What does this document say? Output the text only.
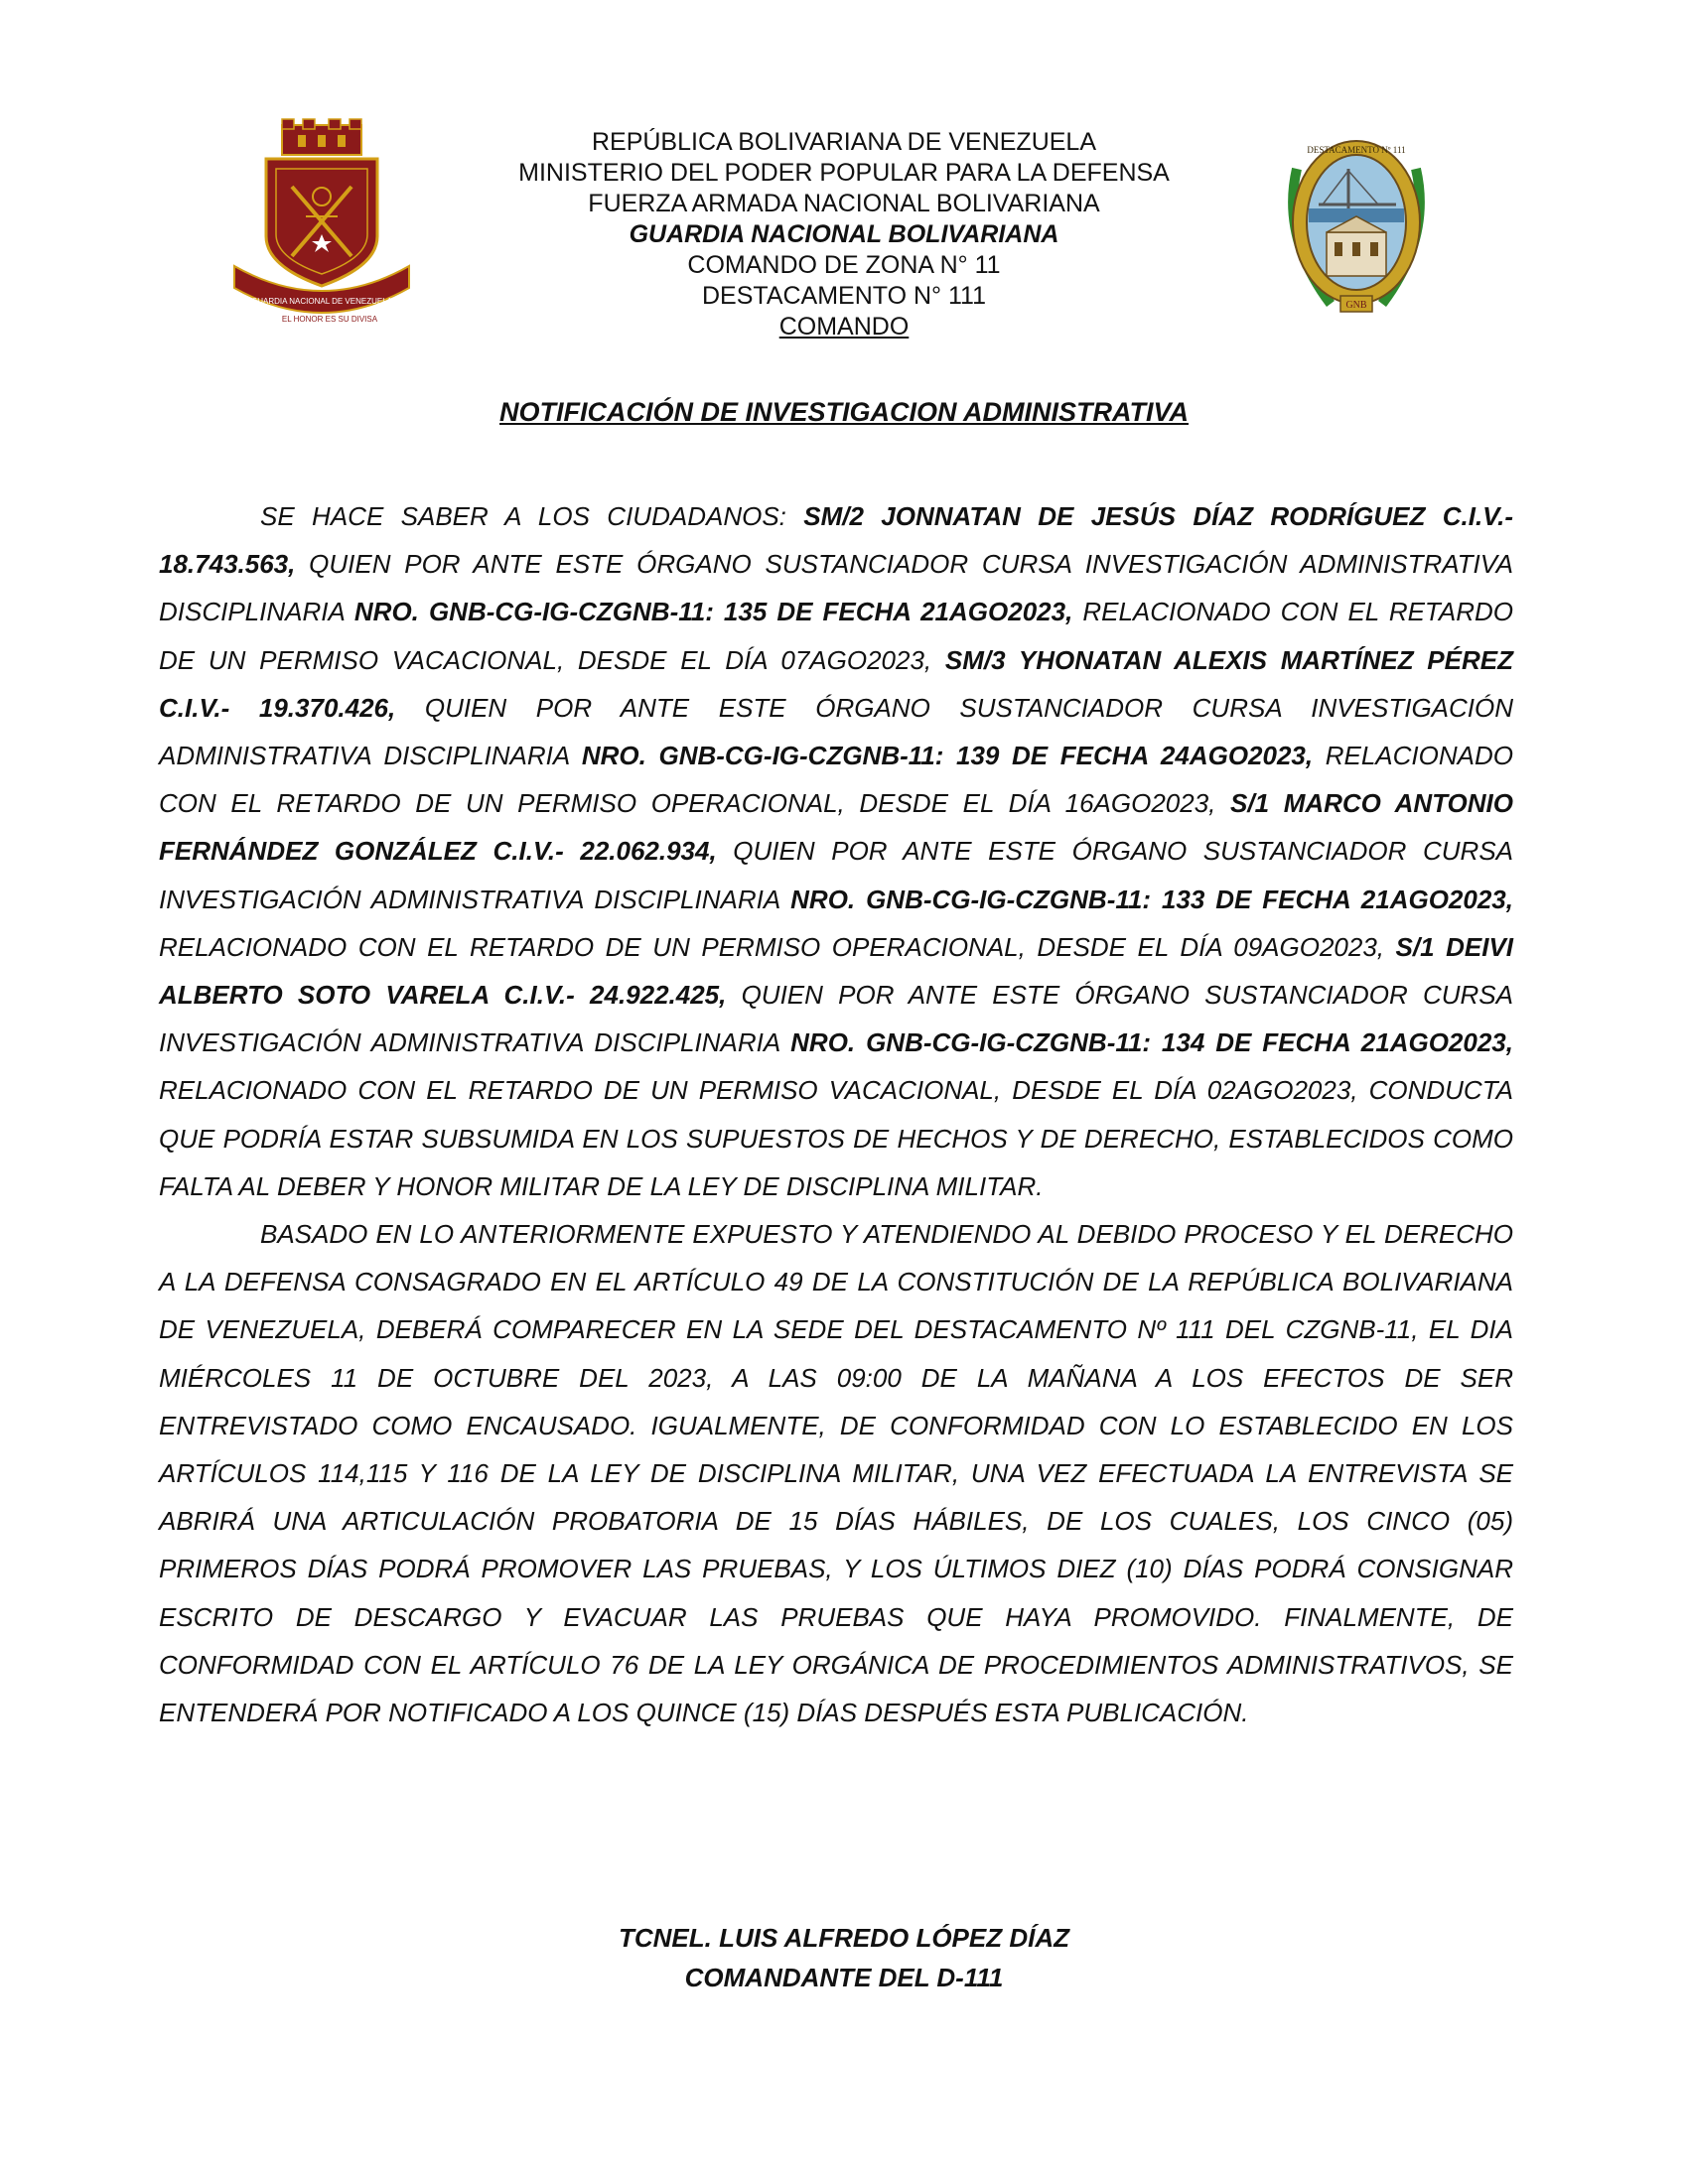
GUARDIA NACIONAL DE VENEZUELA
EL HONOR ES SU DIVISA
REPÚBLICA BOLIVARIANA DE VENEZUELA
MINISTERIO DEL PODER POPULAR PARA LA DEFENSA
FUERZA ARMADA NACIONAL BOLIVARIANA
GUARDIA NACIONAL BOLIVARIANA
COMANDO DE ZONA N° 11
DESTACAMENTO N° 111
COMANDO
GNB
DESTACAMENTO Nº 111
NOTIFICACIÓN DE INVESTIGACION ADMINISTRATIVA

SE HACE SABER A LOS CIUDADANOS: SM/2 JONNATAN DE JESÚS DÍAZ RODRÍGUEZ C.I.V.- 18.743.563, QUIEN POR ANTE ESTE ÓRGANO SUSTANCIADOR CURSA INVESTIGACIÓN ADMINISTRATIVA DISCIPLINARIA NRO. GNB-CG-IG-CZGNB-11: 135 DE FECHA 21AGO2023, RELACIONADO CON EL RETARDO DE UN PERMISO VACACIONAL, DESDE EL DÍA 07AGO2023, SM/3 YHONATAN ALEXIS MARTÍNEZ PÉREZ C.I.V.- 19.370.426, QUIEN POR ANTE ESTE ÓRGANO SUSTANCIADOR CURSA INVESTIGACIÓN ADMINISTRATIVA DISCIPLINARIA NRO. GNB-CG-IG-CZGNB-11: 139 DE FECHA 24AGO2023, RELACIONADO CON EL RETARDO DE UN PERMISO OPERACIONAL, DESDE EL DÍA 16AGO2023, S/1 MARCO ANTONIO FERNÁNDEZ GONZÁLEZ C.I.V.- 22.062.934, QUIEN POR ANTE ESTE ÓRGANO SUSTANCIADOR CURSA INVESTIGACIÓN ADMINISTRATIVA DISCIPLINARIA NRO. GNB-CG-IG-CZGNB-11: 133 DE FECHA 21AGO2023, RELACIONADO CON EL RETARDO DE UN PERMISO OPERACIONAL, DESDE EL DÍA 09AGO2023, S/1 DEIVI ALBERTO SOTO VARELA C.I.V.- 24.922.425, QUIEN POR ANTE ESTE ÓRGANO SUSTANCIADOR CURSA INVESTIGACIÓN ADMINISTRATIVA DISCIPLINARIA NRO. GNB-CG-IG-CZGNB-11: 134 DE FECHA 21AGO2023, RELACIONADO CON EL RETARDO DE UN PERMISO VACACIONAL, DESDE EL DÍA 02AGO2023, CONDUCTA QUE PODRÍA ESTAR SUBSUMIDA EN LOS SUPUESTOS DE HECHOS Y DE DERECHO, ESTABLECIDOS COMO FALTA AL DEBER Y HONOR MILITAR DE LA LEY DE DISCIPLINA MILITAR.

BASADO EN LO ANTERIORMENTE EXPUESTO Y ATENDIENDO AL DEBIDO PROCESO Y EL DERECHO A LA DEFENSA CONSAGRADO EN EL ARTÍCULO 49 DE LA CONSTITUCIÓN DE LA REPÚBLICA BOLIVARIANA DE VENEZUELA, DEBERÁ COMPARECER EN LA SEDE DEL DESTACAMENTO Nº 111 DEL CZGNB-11, EL DIA MIÉRCOLES 11 DE OCTUBRE DEL 2023, A LAS 09:00 DE LA MAÑANA A LOS EFECTOS DE SER ENTREVISTADO COMO ENCAUSADO. IGUALMENTE, DE CONFORMIDAD CON LO ESTABLECIDO EN LOS ARTÍCULOS 114,115 Y 116 DE LA LEY DE DISCIPLINA MILITAR, UNA VEZ EFECTUADA LA ENTREVISTA SE ABRIRÁ UNA ARTICULACIÓN PROBATORIA DE 15 DÍAS HÁBILES, DE LOS CUALES, LOS CINCO (05) PRIMEROS DÍAS PODRÁ PROMOVER LAS PRUEBAS, Y LOS ÚLTIMOS DIEZ (10) DÍAS PODRÁ CONSIGNAR ESCRITO DE DESCARGO Y EVACUAR LAS PRUEBAS QUE HAYA PROMOVIDO. FINALMENTE, DE CONFORMIDAD CON EL ARTÍCULO 76 DE LA LEY ORGÁNICA DE PROCEDIMIENTOS ADMINISTRATIVOS, SE ENTENDERÁ POR NOTIFICADO A LOS QUINCE (15) DÍAS DESPUÉS ESTA PUBLICACIÓN.

TCNEL. LUIS ALFREDO LÓPEZ DÍAZ
COMANDANTE DEL D-111
